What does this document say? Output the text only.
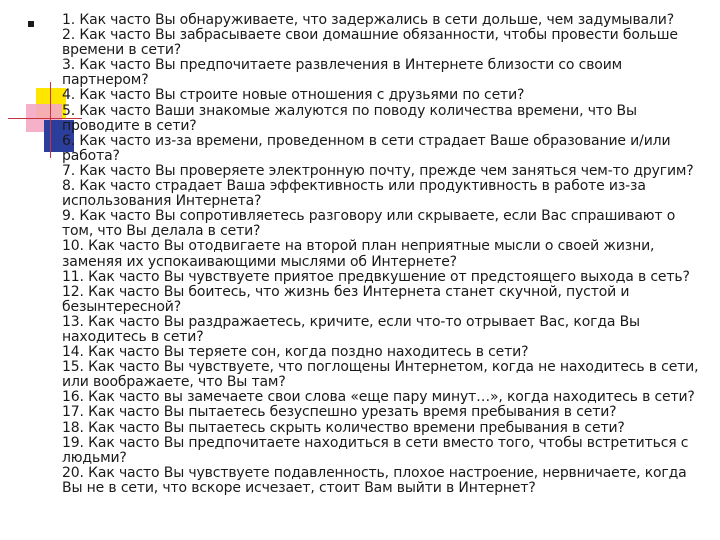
1. Как часто Вы обнаруживаете, что задержались в сети дольше, чем задумывали?
2. Как часто Вы забрасываете свои домашние обязанности, чтобы провести больше
времени в сети?
3. Как часто Вы предпочитаете развлечения в Интернете близости со своим
партнером?
4. Как часто Вы строите новые отношения с друзьями по сети?
5. Как часто Ваши знакомые жалуются по поводу количества времени, что Вы
проводите в сети?
6. Как часто из-за времени, проведенном в сети страдает Ваше образование и/или
работа?
7. Как часто Вы проверяете электронную почту, прежде чем заняться чем-то другим?
8. Как часто страдает Ваша эффективность или продуктивность в работе из-за
использования Интернета?
9. Как часто Вы сопротивляетесь разговору или скрываете, если Вас спрашивают о
том, что Вы делала в сети?
10. Как часто Вы отодвигаете на второй план неприятные мысли о своей жизни,
заменяя их успокаивающими мыслями об Интернете?
11. Как часто Вы чувствуете приятое предвкушение от предстоящего выхода в сеть?
12. Как часто Вы боитесь, что жизнь без Интернета станет скучной, пустой и
безынтересной?
13. Как часто Вы раздражаетесь, кричите, если что-то отрывает Вас, когда Вы
находитесь в сети?
14. Как часто Вы теряете сон, когда поздно находитесь в сети?
15. Как часто Вы чувствуете, что поглощены Интернетом, когда не находитесь в сети,
или воображаете, что Вы там?
16. Как часто вы замечаете свои слова «еще пару минут…», когда находитесь в сети?
17. Как часто Вы пытаетесь безуспешно урезать время пребывания в сети?
18. Как часто Вы пытаетесь скрыть количество времени пребывания в сети?
19. Как часто Вы предпочитаете находиться в сети вместо того, чтобы встретиться с
людьми?
20. Как часто Вы чувствуете подавленность, плохое настроение, нервничаете, когда
Вы не в сети, что вскоре исчезает, стоит Вам выйти в Интернет?
